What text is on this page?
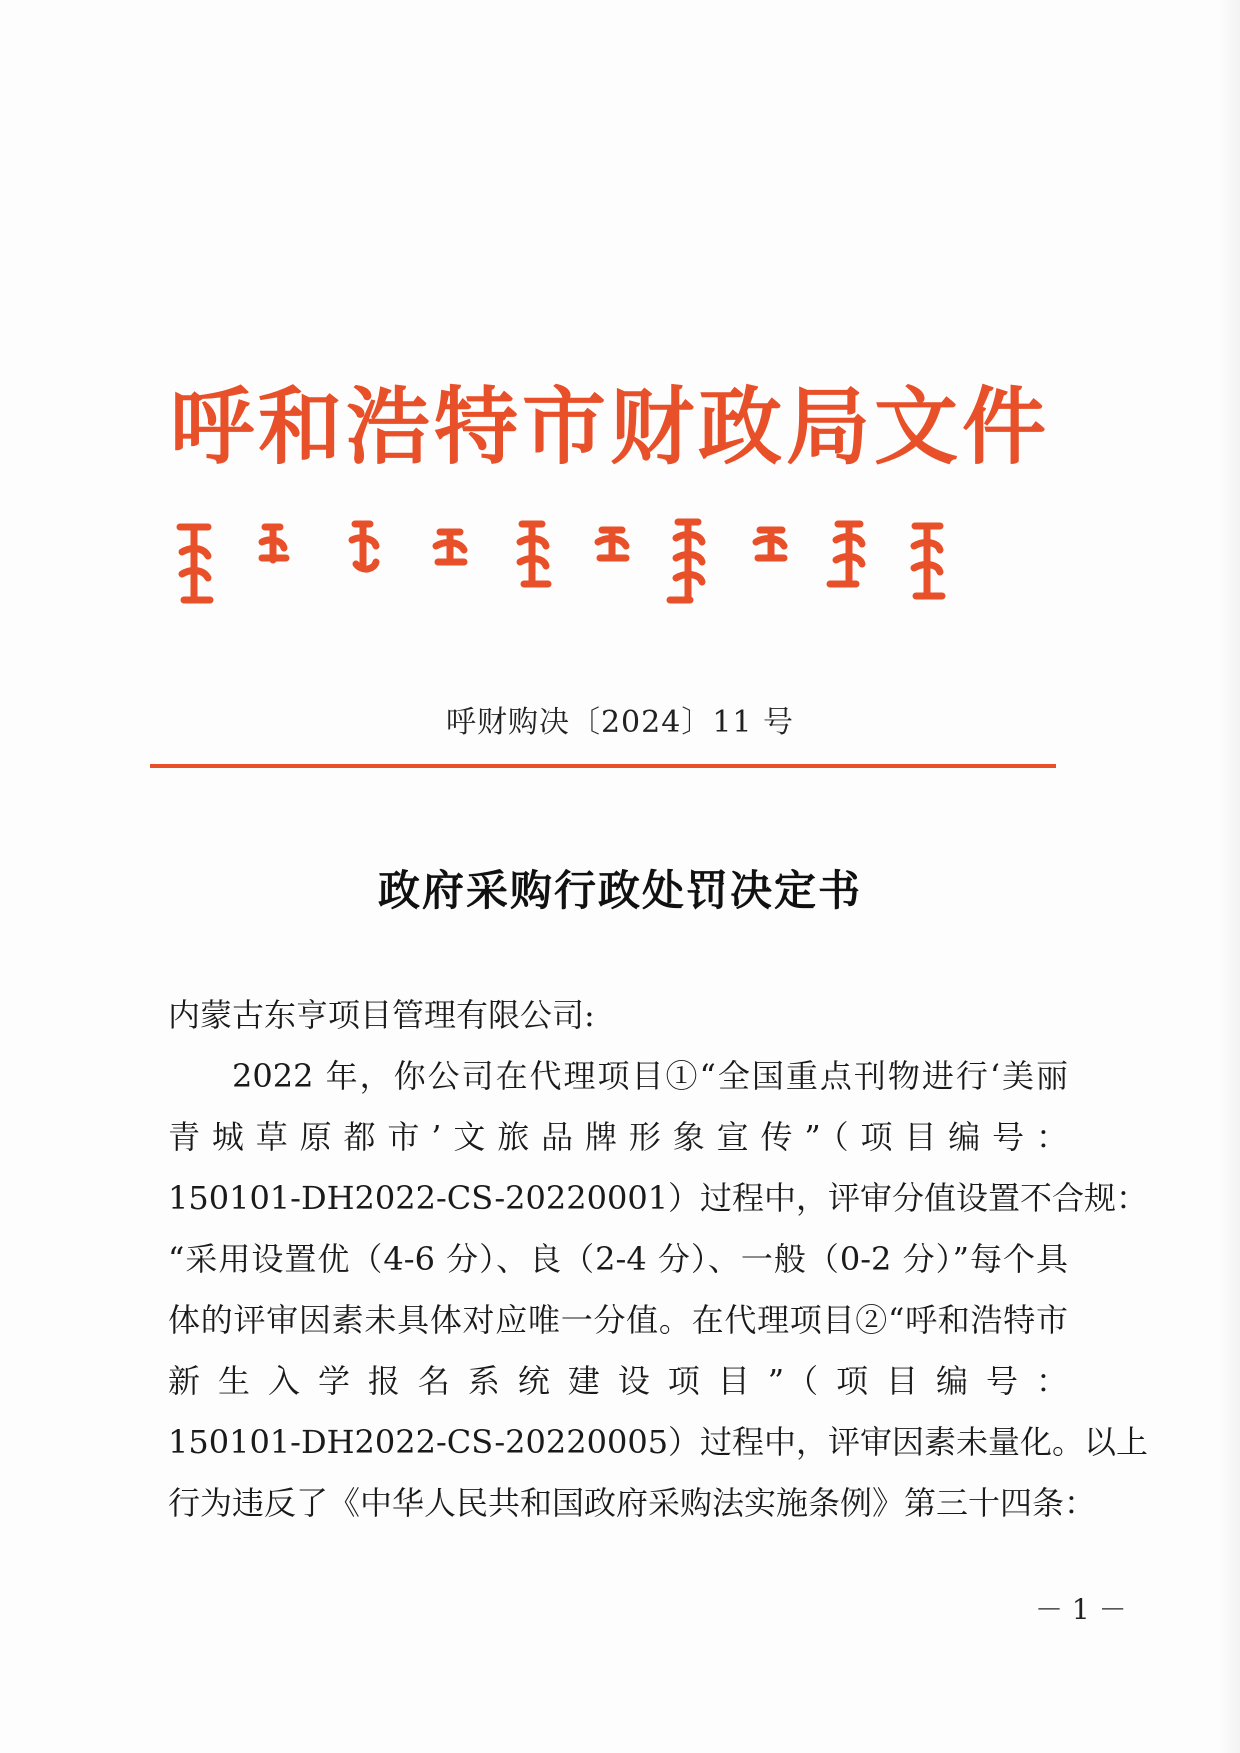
呼和浩特市财政局文件
呼财购决〔2024〕11 号
政府采购行政处罚决定书
内蒙古东亨项目管理有限公司:
2022 年，你公司在代理项目①“全国重点刊物进行‘美丽
青城草原都市’文旅品牌形象宣传”（项目编号：
150101-DH2022-CS-20220001）过程中，评审分值设置不合规：
“采用设置优（4-6 分）、良（2-4 分）、一般（0-2 分）”每个具
体的评审因素未具体对应唯一分值。在代理项目②“呼和浩特市
新生入学报名系统建设项目”（项目编号：
150101-DH2022-CS-20220005）过程中，评审因素未量化。以上
行为违反了《中华人民共和国政府采购法实施条例》第三十四条：
－ 1 －
